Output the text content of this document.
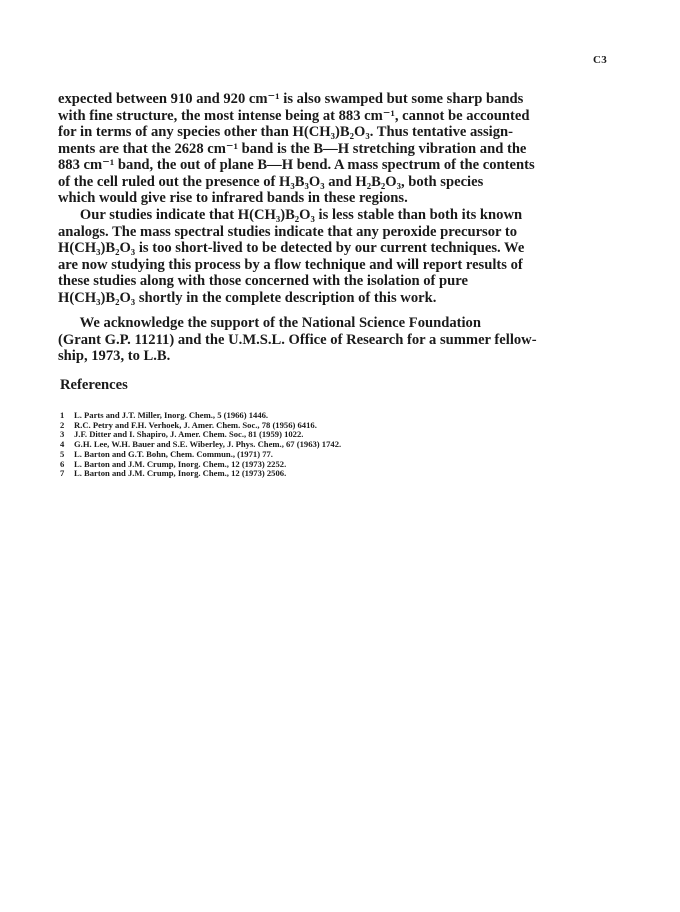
C3

expected between 910 and 920 cm⁻¹ is also swamped but some sharp bands
with fine structure, the most intense being at 883 cm⁻¹, cannot be accounted
for in terms of any species other than H(CH₃)B₂O₃. Thus tentative assign-
ments are that the 2628 cm⁻¹ band is the B—H stretching vibration and the
883 cm⁻¹ band, the out of plane B—H bend. A mass spectrum of the contents
of the cell ruled out the presence of H₃B₃O₃ and H₂B₂O₃, both species
which would give rise to infrared bands in these regions.

Our studies indicate that H(CH₃)B₂O₃ is less stable than both its known
analogs. The mass spectral studies indicate that any peroxide precursor to
H(CH₃)B₂O₃ is too short-lived to be detected by our current techniques. We
are now studying this process by a flow technique and will report results of
these studies along with those concerned with the isolation of pure
H(CH₃)B₂O₃ shortly in the complete description of this work.

We acknowledge the support of the National Science Foundation
(Grant G.P. 11211) and the U.M.S.L. Office of Research for a summer fellow-
ship, 1973, to L.B.

References
1 L. Parts and J.T. Miller, Inorg. Chem., 5 (1966) 1446.
2 R.C. Petry and F.H. Verhoek, J. Amer. Chem. Soc., 78 (1956) 6416.
3 J.F. Ditter and I. Shapiro, J. Amer. Chem. Soc., 81 (1959) 1022.
4 G.H. Lee, W.H. Bauer and S.E. Wiberley, J. Phys. Chem., 67 (1963) 1742.
5 L. Barton and G.T. Bohn, Chem. Commun., (1971) 77.
6 L. Barton and J.M. Crump, Inorg. Chem., 12 (1973) 2252.
7 L. Barton and J.M. Crump, Inorg. Chem., 12 (1973) 2506.
